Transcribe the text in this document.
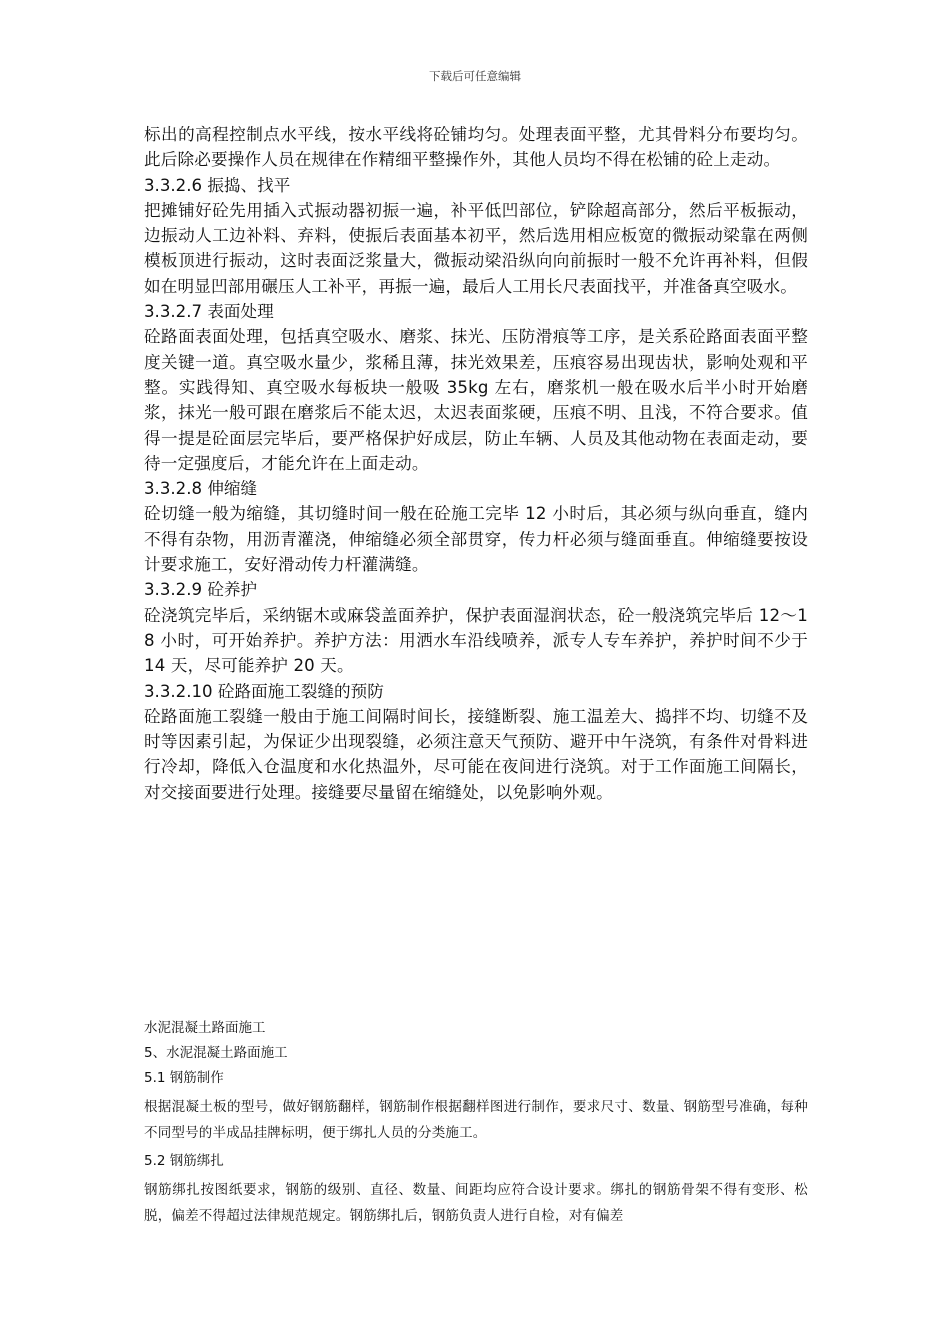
下载后可任意编辑

标出的高程控制点水平线，按水平线将砼铺均匀。处理表面平整，尤其骨料分布要均匀。此后除必要操作人员在规律在作精细平整操作外，其他人员均不得在松铺的砼上走动。

3.3.2.6 振捣、找平

把摊铺好砼先用插入式振动器初振一遍，补平低凹部位，铲除超高部分，然后平板振动，边振动人工边补料、弃料，使振后表面基本初平，然后选用相应板宽的微振动梁靠在两侧模板顶进行振动，这时表面泛浆量大，微振动梁沿纵向向前振时一般不允许再补料，但假如在明显凹部用碾压人工补平，再振一遍，最后人工用长尺表面找平，并准备真空吸水。

3.3.2.7 表面处理

砼路面表面处理，包括真空吸水、磨浆、抹光、压防滑痕等工序，是关系砼路面表面平整度关键一道。真空吸水量少，浆稀且薄，抹光效果差，压痕容易出现齿状，影响处观和平整。实践得知、真空吸水每板块一般吸 35kg 左右，磨浆机一般在吸水后半小时开始磨浆，抹光一般可跟在磨浆后不能太迟，太迟表面浆硬，压痕不明、且浅，不符合要求。值得一提是砼面层完毕后，要严格保护好成层，防止车辆、人员及其他动物在表面走动，要待一定强度后，才能允许在上面走动。

3.3.2.8 伸缩缝

砼切缝一般为缩缝，其切缝时间一般在砼施工完毕 12 小时后，其必须与纵向垂直，缝内不得有杂物，用沥青灌浇，伸缩缝必须全部贯穿，传力杆必须与缝面垂直。伸缩缝要按设计要求施工，安好滑动传力杆灌满缝。

3.3.2.9 砼养护

砼浇筑完毕后，采纳锯木或麻袋盖面养护，保护表面湿润状态，砼一般浇筑完毕后 12～18 小时，可开始养护。养护方法：用洒水车沿线喷养，派专人专车养护，养护时间不少于 14 天，尽可能养护 20 天。

3.3.2.10 砼路面施工裂缝的预防

砼路面施工裂缝一般由于施工间隔时间长，接缝断裂、施工温差大、捣拌不均、切缝不及时等因素引起，为保证少出现裂缝，必须注意天气预防、避开中午浇筑，有条件对骨料进行冷却，降低入仓温度和水化热温外，尽可能在夜间进行浇筑。对于工作面施工间隔长，对交接面要进行处理。接缝要尽量留在缩缝处，以免影响外观。

水泥混凝土路面施工
5、水泥混凝土路面施工
5.1 钢筋制作

根据混凝土板的型号，做好钢筋翻样，钢筋制作根据翻样图进行制作，要求尺寸、数量、钢筋型号准确，每种不同型号的半成品挂牌标明，便于绑扎人员的分类施工。

5.2 钢筋绑扎

钢筋绑扎按图纸要求，钢筋的级别、直径、数量、间距均应符合设计要求。绑扎的钢筋骨架不得有变形、松脱，偏差不得超过法律规范规定。钢筋绑扎后，钢筋负责人进行自检，对有偏差
